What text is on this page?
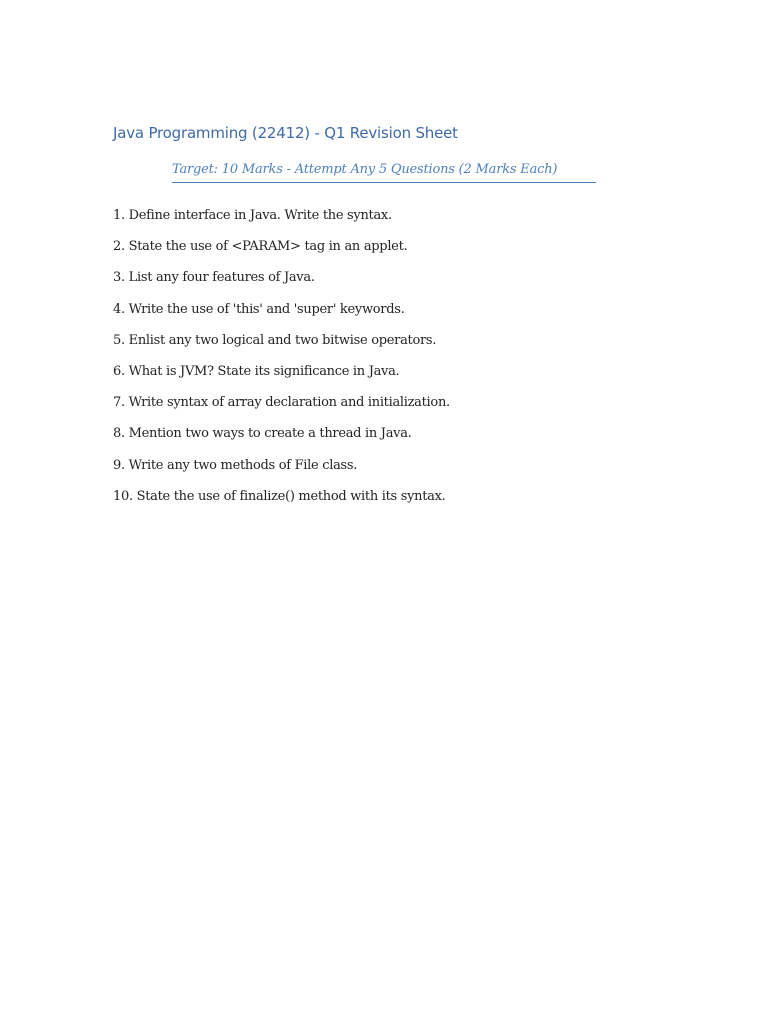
Java Programming (22412) - Q1 Revision Sheet
Target: 10 Marks - Attempt Any 5 Questions (2 Marks Each)
1. Define interface in Java. Write the syntax.
2. State the use of <PARAM> tag in an applet.
3. List any four features of Java.
4. Write the use of 'this' and 'super' keywords.
5. Enlist any two logical and two bitwise operators.
6. What is JVM? State its significance in Java.
7. Write syntax of array declaration and initialization.
8. Mention two ways to create a thread in Java.
9. Write any two methods of File class.
10. State the use of finalize() method with its syntax.
